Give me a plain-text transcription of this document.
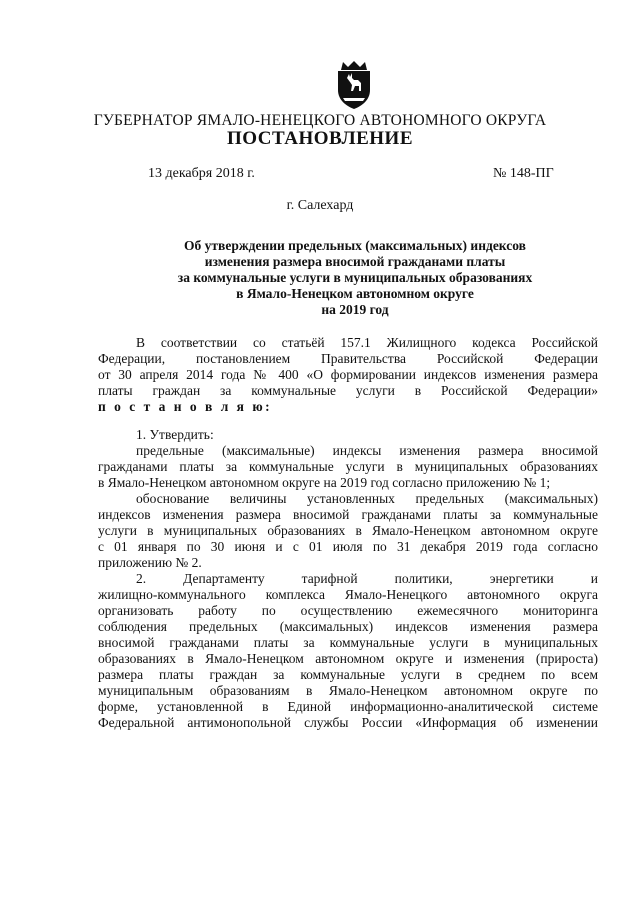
ГУБЕРНАТОР ЯМАЛО-НЕНЕЦКОГО АВТОНОМНОГО ОКРУГА
ПОСТАНОВЛЕНИЕ
13 декабря 2018 г.	№ 148-ПГ
г. Салехард
Об утверждении предельных (максимальных) индексов
изменения размера вносимой гражданами платы
за коммунальные услуги в муниципальных образованиях
в Ямало-Ненецком автономном округе
на 2019 год

В соответствии со статьёй 157.1 Жилищного кодекса Российской

Федерации, постановлением Правительства Российской Федерации

от 30 апреля 2014 года № 400 «О формировании индексов изменения размера

платы граждан за коммунальные услуги в Российской Федерации»

п о с т а н о в л я ю:

1. Утвердить:

предельные (максимальные) индексы изменения размера вносимой

гражданами платы за коммунальные услуги в муниципальных образованиях

в Ямало-Ненецком автономном округе на 2019 год согласно приложению № 1;

обоснование величины установленных предельных (максимальных)

индексов изменения размера вносимой гражданами платы за коммунальные

услуги в муниципальных образованиях в Ямало-Ненецком автономном округе

с 01 января по 30 июня и с 01 июля по 31 декабря 2019 года согласно

приложению № 2.

2. Департаменту тарифной политики, энергетики и

жилищно-коммунального комплекса Ямало-Ненецкого автономного округа

организовать работу по осуществлению ежемесячного мониторинга

соблюдения предельных (максимальных) индексов изменения размера

вносимой гражданами платы за коммунальные услуги в муниципальных

образованиях в Ямало-Ненецком автономном округе и изменения (прироста)

размера платы граждан за коммунальные услуги в среднем по всем

муниципальным образованиям в Ямало-Ненецком автономном округе по

форме, установленной в Единой информационно-аналитической системе

Федеральной антимонопольной службы России «Информация об изменении
